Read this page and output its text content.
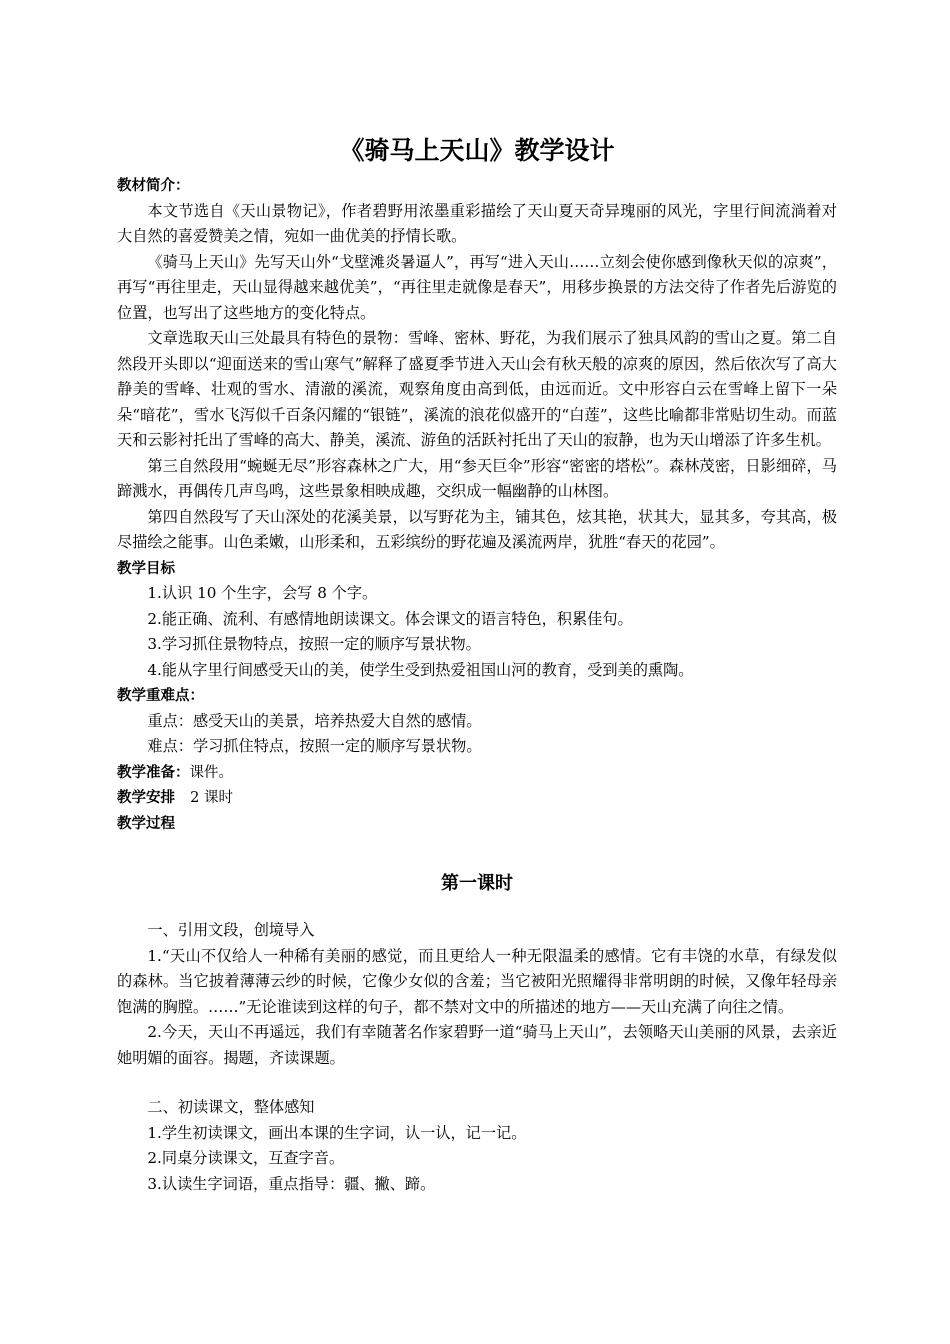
《骑马上天山》教学设计
教材简介：

本文节选自《天山景物记》，作者碧野用浓墨重彩描绘了天山夏天奇异瑰丽的风光，字里行间流淌着对大自然的喜爱赞美之情，宛如一曲优美的抒情长歌。

《骑马上天山》先写天山外“戈壁滩炎暑逼人”，再写“进入天山……立刻会使你感到像秋天似的凉爽”，再写“再往里走，天山显得越来越优美”，“再往里走就像是春天”，用移步换景的方法交待了作者先后游览的位置，也写出了这些地方的变化特点。

文章选取天山三处最具有特色的景物：雪峰、密林、野花，为我们展示了独具风韵的雪山之夏。第二自然段开头即以“迎面送来的雪山寒气”解释了盛夏季节进入天山会有秋天般的凉爽的原因，然后依次写了高大静美的雪峰、壮观的雪水、清澈的溪流，观察角度由高到低，由远而近。文中形容白云在雪峰上留下一朵朵“暗花”，雪水飞泻似千百条闪耀的“银链”，溪流的浪花似盛开的“白莲”，这些比喻都非常贴切生动。而蓝天和云影衬托出了雪峰的高大、静美，溪流、游鱼的活跃衬托出了天山的寂静，也为天山增添了许多生机。

第三自然段用“蜿蜒无尽”形容森林之广大，用“参天巨伞”形容“密密的塔松”。森林茂密，日影细碎，马蹄溅水，再偶传几声鸟鸣，这些景象相映成趣，交织成一幅幽静的山林图。

第四自然段写了天山深处的花溪美景，以写野花为主，铺其色，炫其艳，状其大，显其多，夸其高，极尽描绘之能事。山色柔嫩，山形柔和，五彩缤纷的野花遍及溪流两岸，犹胜“春天的花园”。

教学目标

1.认识 10 个生字，会写 8 个字。

2.能正确、流利、有感情地朗读课文。体会课文的语言特色，积累佳句。

3.学习抓住景物特点，按照一定的顺序写景状物。

4.能从字里行间感受天山的美，使学生受到热爱祖国山河的教育，受到美的熏陶。

教学重难点：

重点：感受天山的美景，培养热爱大自然的感情。

难点：学习抓住特点，按照一定的顺序写景状物。

教学准备：课件。
教学安排 2 课时
教学过程
第一课时

一、引用文段，创境导入

1.“天山不仅给人一种稀有美丽的感觉，而且更给人一种无限温柔的感情。它有丰饶的水草，有绿发似的森林。当它披着薄薄云纱的时候，它像少女似的含羞；当它被阳光照耀得非常明朗的时候，又像年轻母亲饱满的胸膛。……”无论谁读到这样的句子，都不禁对文中的所描述的地方——天山充满了向往之情。

2.今天，天山不再遥远，我们有幸随著名作家碧野一道“骑马上天山”，去领略天山美丽的风景，去亲近她明媚的面容。揭题，齐读课题。

二、初读课文，整体感知

1.学生初读课文，画出本课的生字词，认一认，记一记。

2.同桌分读课文，互查字音。

3.认读生字词语，重点指导：疆、撇、蹄。
